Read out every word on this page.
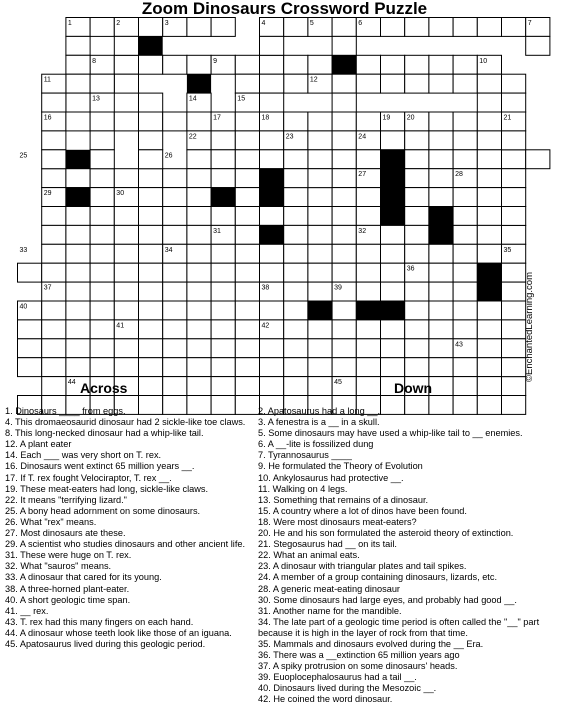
Zoom Dinosaurs Crossword Puzzle
1	2	3	4	5	6	7
8	9	10
11	12
13	14	15
16	17	18	19 20	21
22	23	24
25	26
27	28
29	30
31	32
33	34	35
36
37	38	39
40
41	42
43
44	45
©EnchantedLearning.com
Across	Down
1. Dinosaurs ____ from eggs.
4. This dromaeosaurid dinosaur had 2 sickle-like toe claws.
8. This long-necked dinosaur had a whip-like tail.
12. A plant eater
14. Each ___ was very short on T. rex.
16. Dinosaurs went extinct 65 million years __.
17. If T. rex fought Velociraptor, T. rex __.
19. These meat-eaters had long, sickle-like claws.
22. It means "terrifying lizard."
25. A bony head adornment on some dinosaurs.
26. What "rex" means.
27. Most dinosaurs ate these.
29. A scientist who studies dinosaurs and other ancient life.
31. These were huge on T. rex.
32. What "sauros" means.
33. A dinosaur that cared for its young.
38. A three-horned plant-eater.
40. A short geologic time span.
41. __ rex.
43. T. rex had this many fingers on each hand.
44. A dinosaur whose teeth look like those of an iguana.
45. Apatosaurus lived during this geologic period.
2. Apatosaurus had a long __.
3. A fenestra is a __ in a skull.
5. Some dinosaurs may have used a whip-like tail to __ enemies.
6. A __-lite is fossilized dung
7. Tyrannosaurus ____
9. He formulated the Theory of Evolution
10. Ankylosaurus had protective __.
11. Walking on 4 legs.
13. Something that remains of a dinosaur.
15. A country where a lot of dinos have been found.
18. Were most dinosaurs meat-eaters?
20. He and his son formulated the asteroid theory of extinction.
21. Stegosaurus had __ on its tail.
22. What an animal eats.
23. A dinosaur with triangular plates and tail spikes.
24. A member of a group containing dinosaurs, lizards, etc.
28. A generic meat-eating dinosaur
30. Some dinosaurs had large eyes, and probably had good __.
31. Another name for the mandible.
34. The late part of a geologic time period is often called the "__" part because it is high in the layer of rock from that time.
35. Mammals and dinosaurs evolved during the __ Era.
36. There was a __extinction 65 million years ago
37. A spiky protrusion on some dinosaurs' heads.
39. Euoplocephalosaurus had a tail __.
40. Dinosaurs lived during the Mesozoic __.
42. He coined the word dinosaur.
